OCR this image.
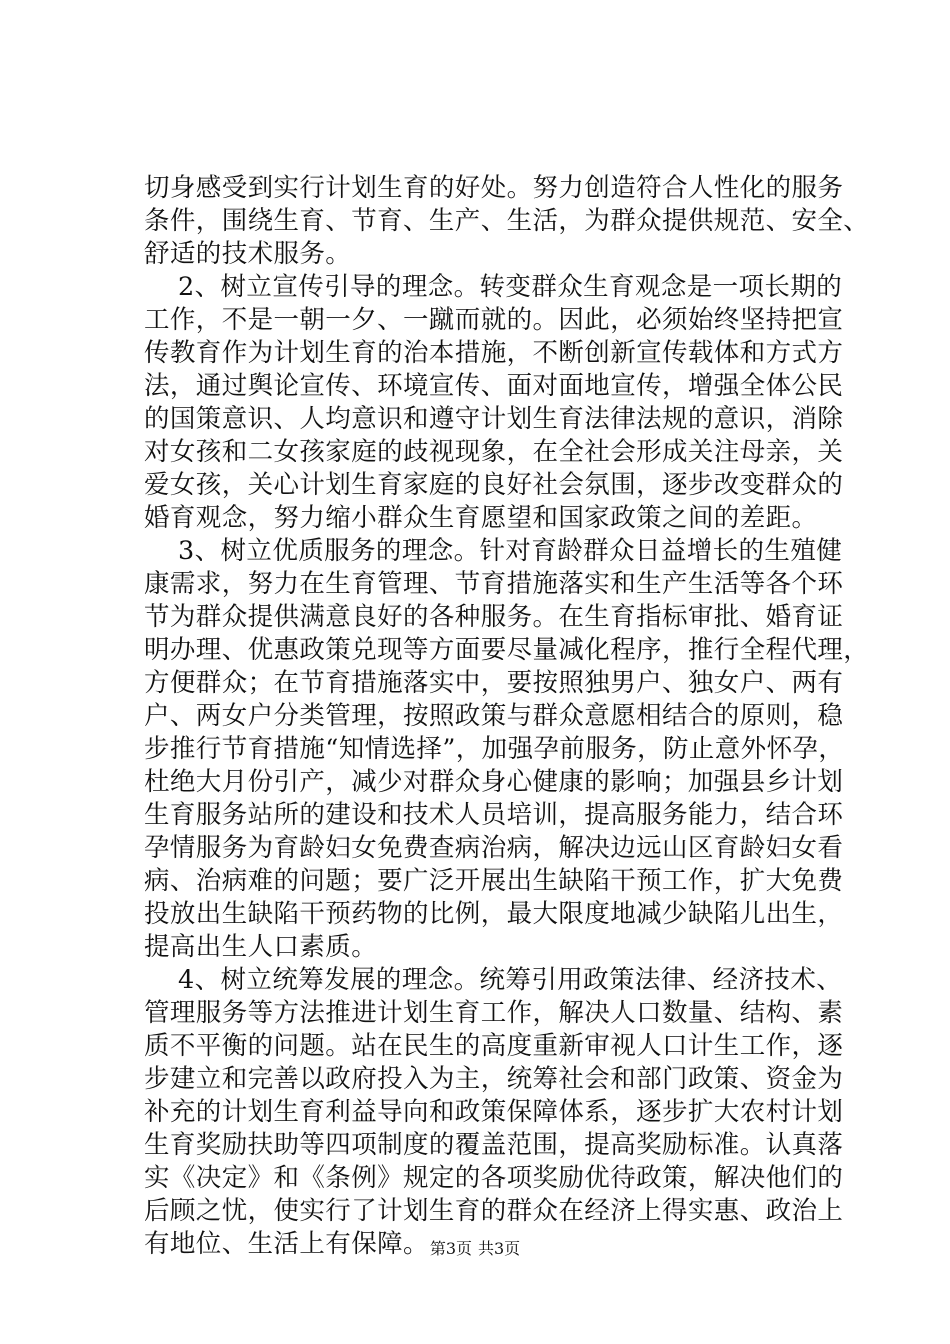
切身感受到实行计划生育的好处。努力创造符合人性化的服务
条件，围绕生育、节育、生产、生活，为群众提供规范、安全、
舒适的技术服务。
2、树立宣传引导的理念。转变群众生育观念是一项长期的
工作，不是一朝一夕、一蹴而就的。因此，必须始终坚持把宣
传教育作为计划生育的治本措施，不断创新宣传载体和方式方
法，通过舆论宣传、环境宣传、面对面地宣传，增强全体公民
的国策意识、人均意识和遵守计划生育法律法规的意识，消除
对女孩和二女孩家庭的歧视现象，在全社会形成关注母亲，关
爱女孩，关心计划生育家庭的良好社会氛围，逐步改变群众的
婚育观念，努力缩小群众生育愿望和国家政策之间的差距。
3、树立优质服务的理念。针对育龄群众日益增长的生殖健
康需求，努力在生育管理、节育措施落实和生产生活等各个环
节为群众提供满意良好的各种服务。在生育指标审批、婚育证
明办理、优惠政策兑现等方面要尽量减化程序，推行全程代理，
方便群众；在节育措施落实中，要按照独男户、独女户、两有
户、两女户分类管理，按照政策与群众意愿相结合的原则，稳
步推行节育措施“知情选择”，加强孕前服务，防止意外怀孕，
杜绝大月份引产，减少对群众身心健康的影响；加强县乡计划
生育服务站所的建设和技术人员培训，提高服务能力，结合环
孕情服务为育龄妇女免费查病治病，解决边远山区育龄妇女看
病、治病难的问题；要广泛开展出生缺陷干预工作，扩大免费
投放出生缺陷干预药物的比例，最大限度地减少缺陷儿出生，
提高出生人口素质。
4、树立统筹发展的理念。统筹引用政策法律、经济技术、
管理服务等方法推进计划生育工作，解决人口数量、结构、素
质不平衡的问题。站在民生的高度重新审视人口计生工作，逐
步建立和完善以政府投入为主，统筹社会和部门政策、资金为
补充的计划生育利益导向和政策保障体系，逐步扩大农村计划
生育奖励扶助等四项制度的覆盖范围，提高奖励标准。认真落
实《决定》和《条例》规定的各项奖励优待政策，解决他们的
后顾之忧，使实行了计划生育的群众在经济上得实惠、政治上
有地位、生活上有保障。 第3页 共3页
